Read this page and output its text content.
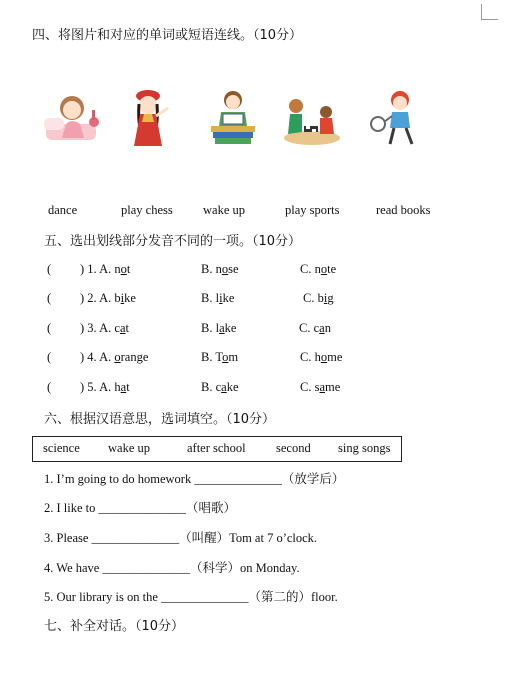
四、将图片和对应的单词或短语连线。（10分）
dance	play chess wake up	play sports	read books
五、选出划线部分发音不同的一项。（10分）
( ) 1. A. not	B. nose	C. note
( ) 2. A. bike	B. like	C. big
( ) 3. A. cat	B. lake	C. can
( ) 4. A. orange	B. Tom	C. home
( ) 5. A. hat	B. cake	C. same
六、根据汉语意思，选词填空。（10分）
science wake up	after school second sing songs
1. I’m going to do homework ______________（放学后）
2. I like to ______________（唱歌）
3. Please ______________（叫醒）Tom at 7 o’clock.
4. We have ______________（科学）on Monday.
5. Our library is on the ______________（第二的）floor.
七、补全对话。（10分）
